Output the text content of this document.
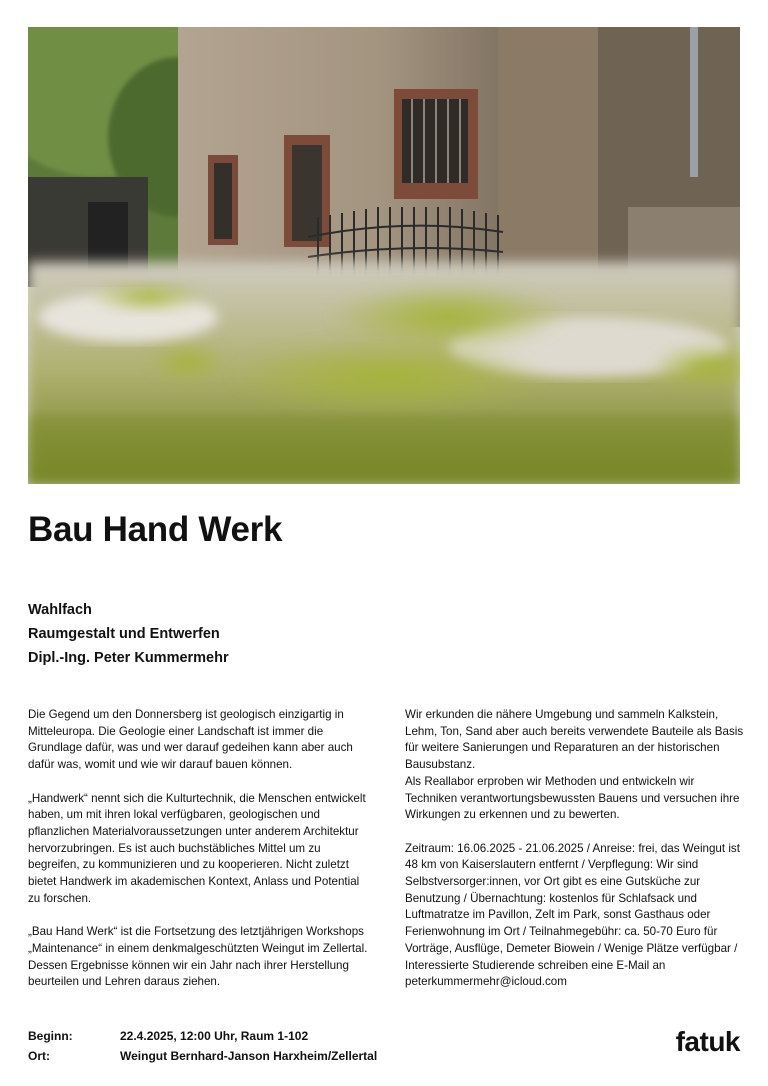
Bau Hand Werk
Wahlfach
Raumgestalt und Entwerfen
Dipl.-Ing. Peter Kummermehr

Die Gegend um den Donnersberg ist geologisch einzigartig in Mitteleuropa. Die Geologie einer Landschaft ist immer die Grundlage dafür, was und wer darauf gedeihen kann aber auch dafür was, womit und wie wir darauf bauen können.

„Handwerk“ nennt sich die Kulturtechnik, die Menschen entwickelt haben, um mit ihren lokal verfügbaren, geologischen und pflanzlichen Materialvoraussetzungen unter anderem Architektur hervorzubringen. Es ist auch buchstäbliches Mittel um zu begreifen, zu kommunizieren und zu kooperieren. Nicht zuletzt bietet Handwerk im akademischen Kontext, Anlass und Potential zu forschen.

„Bau Hand Werk“ ist die Fortsetzung des letztjährigen Workshops „Maintenance“ in einem denkmalgeschützten Weingut im Zellertal. Dessen Ergebnisse können wir ein Jahr nach ihrer Herstellung beurteilen und Lehren daraus ziehen.

Wir erkunden die nähere Umgebung und sammeln Kalkstein, Lehm, Ton, Sand aber auch bereits verwendete Bauteile als Basis für weitere Sanierungen und Reparaturen an der historischen Bausubstanz.

Als Reallabor erproben wir Methoden und entwickeln wir Techniken verantwortungsbewussten Bauens und versuchen ihre Wirkungen zu erkennen und zu bewerten.

Zeitraum: 16.06.2025 - 21.06.2025 / Anreise: frei, das Weingut ist 48 km von Kaiserslautern entfernt / Verpflegung: Wir sind Selbstversorger:innen, vor Ort gibt es eine Gutsküche zur Benutzung / Übernachtung: kostenlos für Schlafsack und Luftmatratze im Pavillon, Zelt im Park, sonst Gasthaus oder Ferienwohnung im Ort / Teilnahmegebühr: ca. 50-70 Euro für Vorträge, Ausflüge, Demeter Biowein / Wenige Plätze verfügbar / Interessierte Studierende schreiben eine E-Mail an peterkummermehr@icloud.com

Beginn:	22.4.2025, 12:00 Uhr, Raum 1-102
Ort:	Weingut Bernhard-Janson Harxheim/Zellertal	fatuk
